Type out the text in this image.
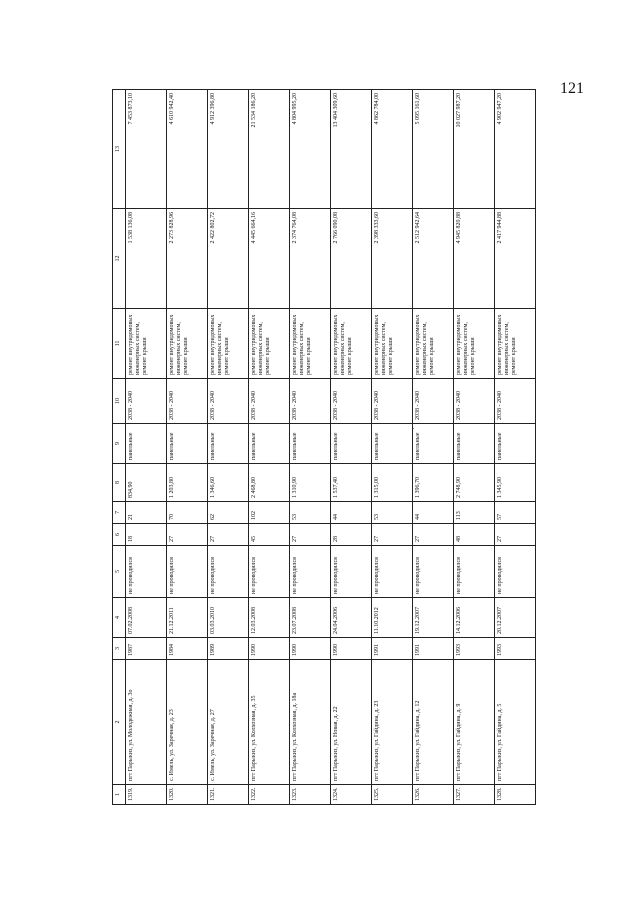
121
1	2	3	4	5	6	7	8	9	10	11	12	13
1319.	пгт Парыкиз, ул. Молодежная, д. 3о	1987	07.02.2008	не проводился	18	21	834,90	панельные	2038 - 2040	ремонт внутридомовых инженерных систем, ремонт крыши	1 538 136,08	7 453 873,10
1320.	с. Имель, ул. Заречная, д. 23	1984	21.12.2011	не проводился	27	70	1 203,80	панельные	2038 - 2040	ремонт внутридомовых инженерных систем, ремонт крыши	2 273 828,96	4 610 942,40
1321.	с. Имель, ул. Заречная, д. 27	1989	03.03.2010	не проводился	27	62	1 346,60	панельные	2038 - 2040	ремонт внутридомовых инженерных систем, ремонт крыши	2 422 802,72	4 912 396,80
1322.	пгт Парыкиз, ул. Колхозная, д. 35	1990	12.03.2008	не проводился	45	102	2 468,80	панельные	2038 - 2040	ремонт внутридомовых инженерных систем, ремонт крыши	4 445 664,16	21 534 186,20
1323.	пгт Парыкиз, ул. Колхозная, д. 18а	1990	23.07.2008	не проводился	27	53	1 310,90	панельные	2038 - 2040	ремонт внутридомовых инженерных систем, ремонт крыши	2 374 764,08	4 804 995,20
1324.	пгт Парыкиз, ул. Новая, д. 22	1990	24.04.2006	не проводился	28	44	1 537,40	панельные	2038 - 2040	ремонт внутридомовых инженерных систем, ремонт крыши	2 766 090,08	13 404 309,60
1325.	пгт Парыкиз, ул. Гайдина, д. 23	1991	11.10.2012	не проводился	27	53	1 315,00	панельные	2038 - 2040	ремонт внутридомовых инженерных систем, ремонт крыши	2 398 333,60	4 862 784,00
1326.	пгт Парыкиз, ул. Гайдина, д. 12	1991	19.12.2007	не проводился	27	44	1 396,70	панельные	2038 - 2040	ремонт внутридомовых инженерных систем, ремонт крыши	2 512 942,64	5 095 161,60
1327.	пгт Парыкиз, ул. Гайдина, д. 9	1993	14.12.2006	не проводился	48	113	2 748,90	панельные	2038 - 2040	ремонт внутридомовых инженерных систем, ремонт крыши	4 945 820,88	10 027 987,20
1328.	пгт Парыкиз, ул. Гайдина, д. 5	1993	20.12.2007	не проводился	27	57	1 345,90	панельные	2038 - 2040	ремонт внутридомовых инженерных систем, ремонт крыши	2 417 944,88	4 902 947,20
